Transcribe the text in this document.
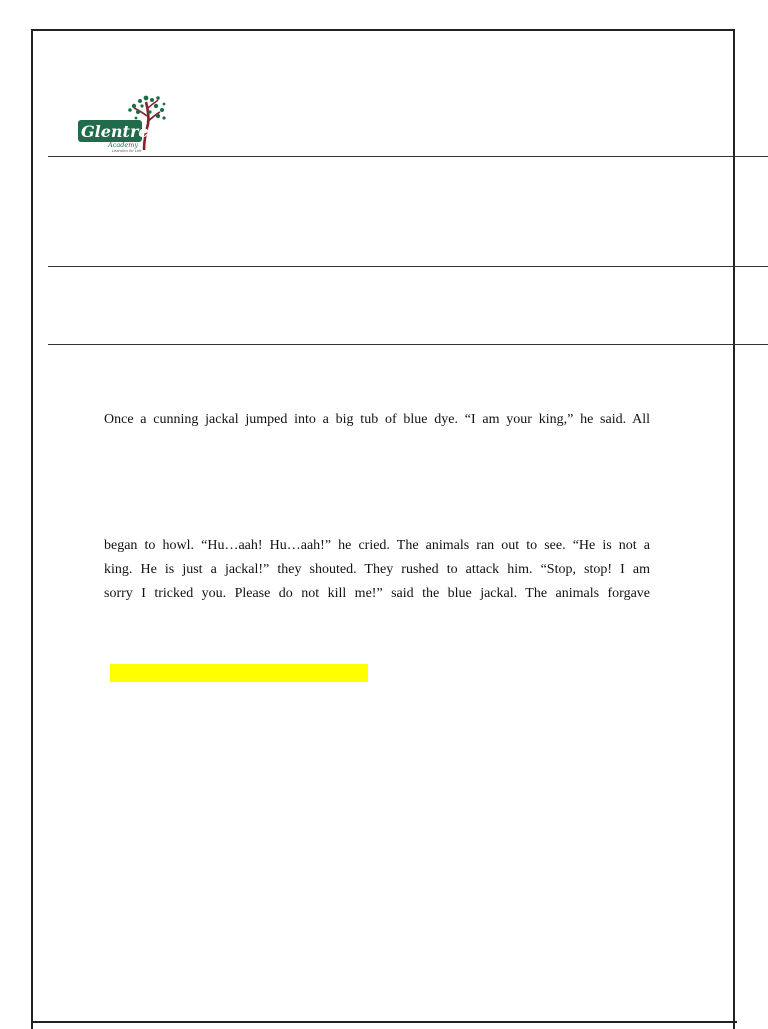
Glentree
Academy
Learning for Life
Once a cunning jackal jumped into a big tub of blue dye. “I am your king,” he said. All
began to howl. “Hu…aah! Hu…aah!” he cried. The animals ran out to see. “He is not a
king. He is just a jackal!” they shouted. They rushed to attack him. “Stop, stop! I am
sorry I tricked you. Please do not kill me!” said the blue jackal. The animals forgave
